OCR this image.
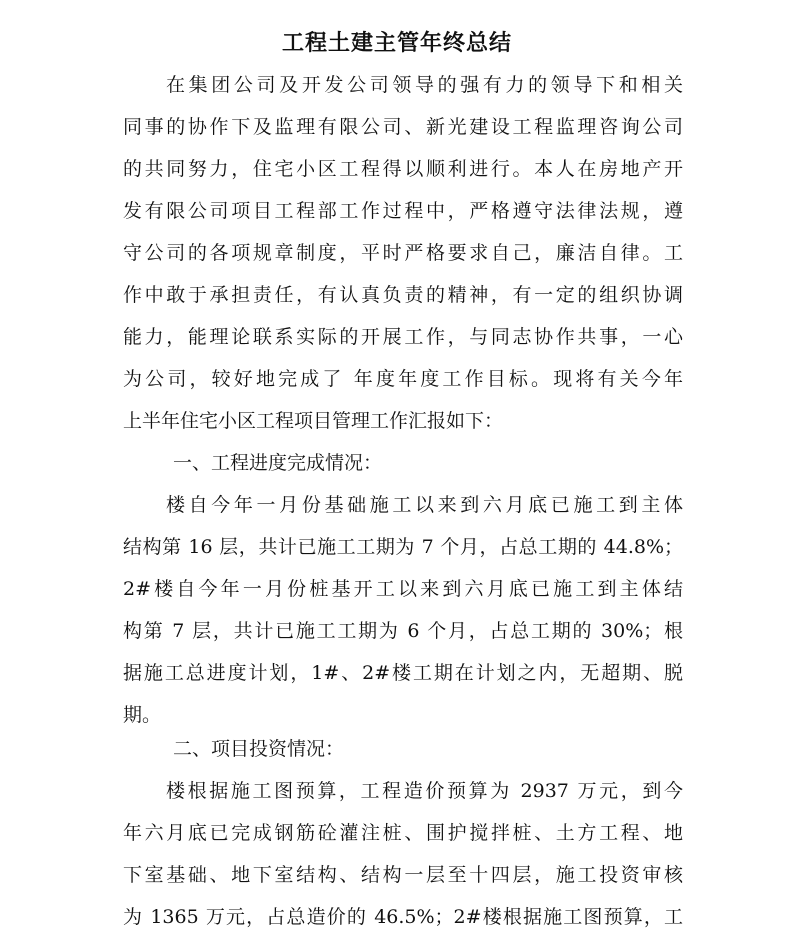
工程土建主管年终总结
在集团公司及开发公司领导的强有力的领导下和相关
同事的协作下及监理有限公司、新光建设工程监理咨询公司
的共同努力，住宅小区工程得以顺利进行。本人在房地产开
发有限公司项目工程部工作过程中，严格遵守法律法规，遵
守公司的各项规章制度，平时严格要求自己，廉洁自律。工
作中敢于承担责任，有认真负责的精神，有一定的组织协调
能力，能理论联系实际的开展工作，与同志协作共事，一心
为公司，较好地完成了 年度年度工作目标。现将有关今年
上半年住宅小区工程项目管理工作汇报如下：
一、工程进度完成情况：
楼自今年一月份基础施工以来到六月底已施工到主体
结构第 16 层，共计已施工工期为 7 个月，占总工期的 44.8%；
2#楼自今年一月份桩基开工以来到六月底已施工到主体结
构第 7 层，共计已施工工期为 6 个月，占总工期的 30%；根
据施工总进度计划，1#、2#楼工期在计划之内，无超期、脱
期。
二、项目投资情况：
楼根据施工图预算，工程造价预算为 2937 万元，到今
年六月底已完成钢筋砼灌注桩、围护搅拌桩、土方工程、地
下室基础、地下室结构、结构一层至十四层，施工投资审核
为 1365 万元，占总造价的 46.5%；2#楼根据施工图预算，工
